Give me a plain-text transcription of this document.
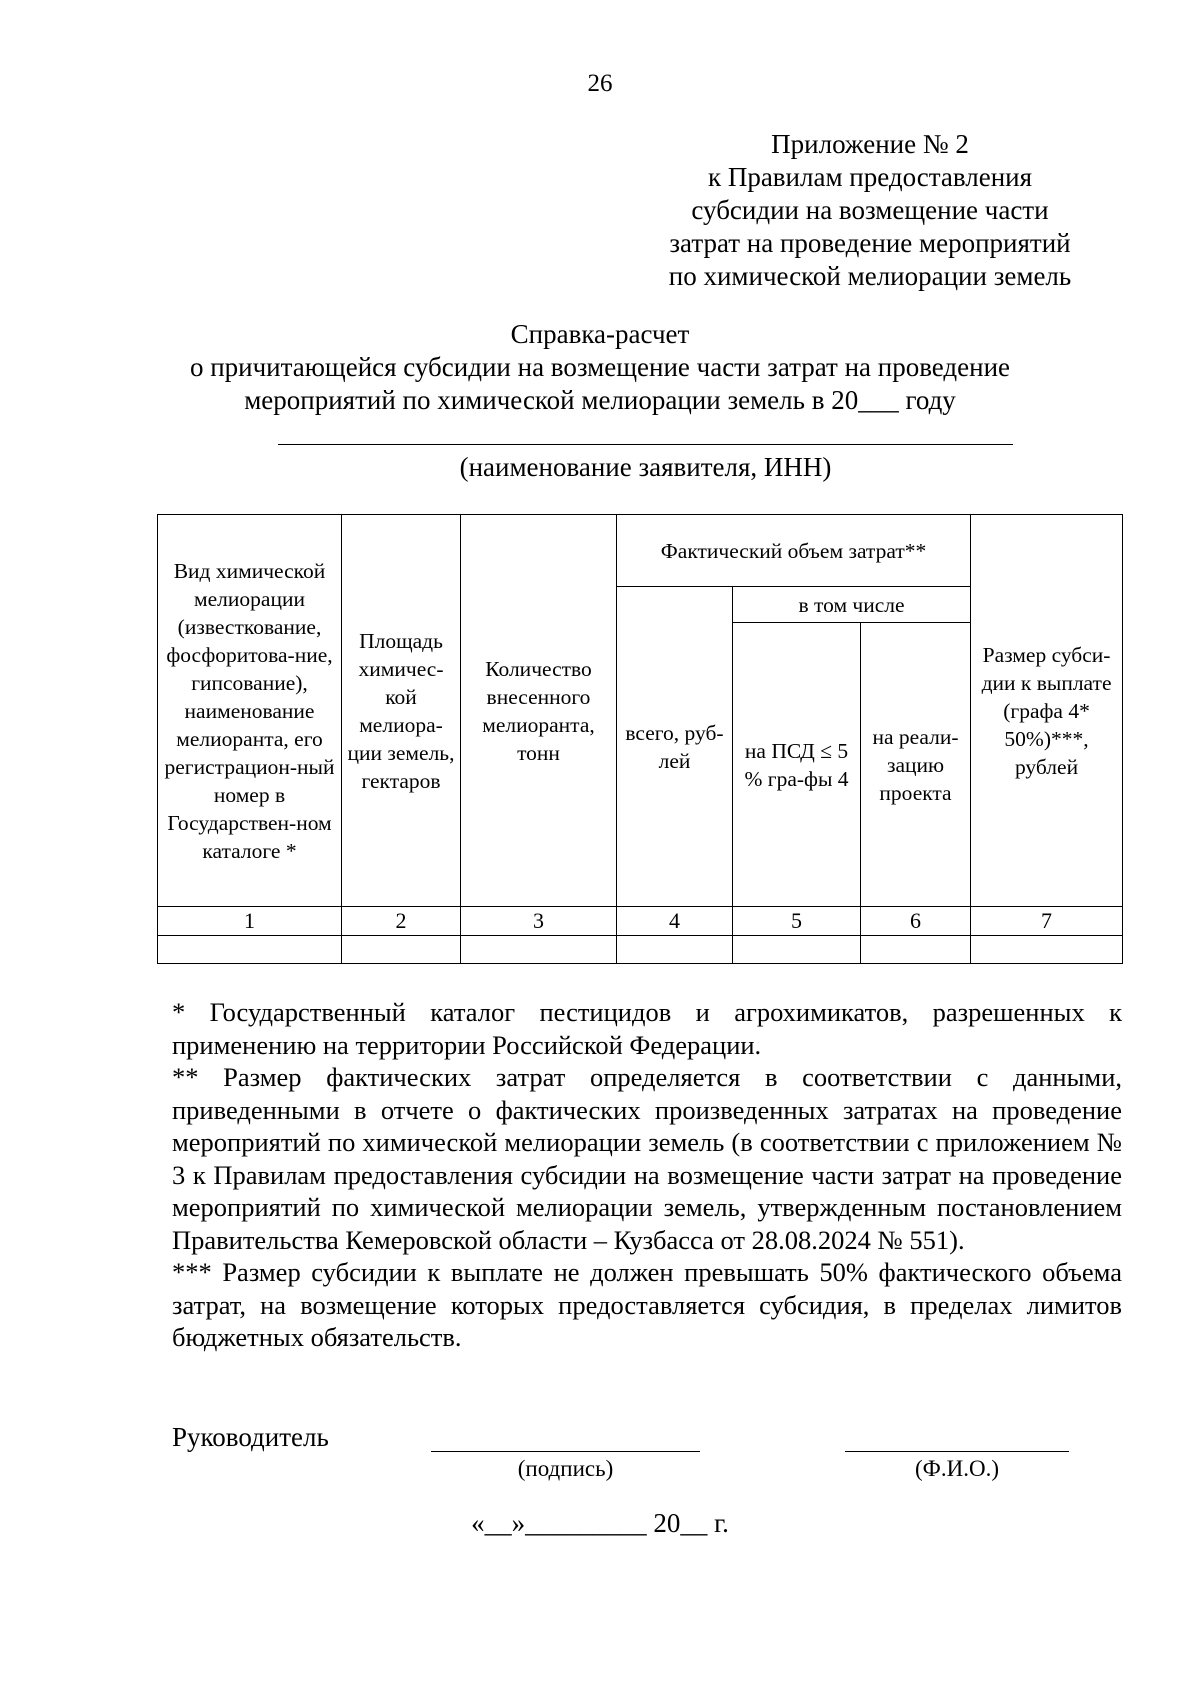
26
Приложение № 2
к Правилам предоставления
субсидии на возмещение части
затрат на проведение мероприятий
по химической мелиорации земель
Справка-расчет
о причитающейся субсидии на возмещение части затрат на проведение
мероприятий по химической мелиорации земель в 20___ году
(наименование заявителя, ИНН)
Вид химической мелиорации (известкование, фосфоритова-ние, гипсование), наименование мелиоранта, его регистрацион-ный номер в Государствен-ном каталоге *	Площадь химичес-кой мелиора-ции земель, гектаров	Количество внесенного мелиоранта, тонн	Фактический объем затрат**			Размер субси-дии к выплате (графа 4* 50%)***, рублей
			всего, руб-лей	в том числе		
				на ПСД ≤ 5 % гра-фы 4	на реали-зацию проекта	
1	2	3	4	5	6	7

* Государственный каталог пестицидов и агрохимикатов, разрешенных к применению на территории Российской Федерации.

** Размер фактических затрат определяется в соответствии с данными, приведенными в отчете о фактических произведенных затратах на проведение мероприятий по химической мелиорации земель (в соответствии с приложением № 3 к Правилам предоставления субсидии на возмещение части затрат на проведение мероприятий по химической мелиорации земель, утвержденным постановлением Правительства Кемеровской области – Кузбасса от 28.08.2024 № 551).

*** Размер субсидии к выплате не должен превышать 50% фактического объема затрат, на возмещение которых предоставляется субсидия, в пределах лимитов бюджетных обязательств.

Руководитель
(подпись)	(Ф.И.О.)
«__»_________ 20__ г.
